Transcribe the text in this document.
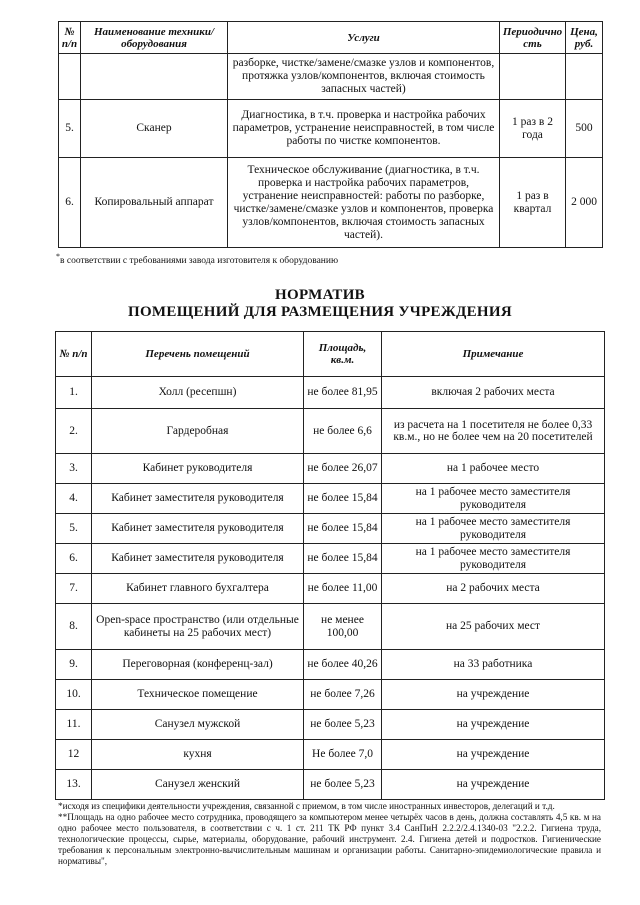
№ п/п	Наименование техники/оборудования	Услуги	Периодичность	Цена, руб.
		разборке, чистке/замене/смазке узлов и компонентов, протяжка узлов/компонентов, включая стоимость запасных частей)		
5.	Сканер	Диагностика, в т.ч. проверка и настройка рабочих параметров, устранение неисправностей, в том числе работы по чистке компонентов.	1 раз в 2 года	500
6.	Копировальный аппарат	Техническое обслуживание (диагностика, в т.ч. проверка и настройка рабочих параметров, устранение неисправностей: работы по разборке, чистке/замене/смазке узлов и компонентов, проверка узлов/компонентов, включая стоимость запасных частей).	1 раз в квартал	2 000
*в соответствии с требованиями завода изготовителя к оборудованию
НОРМАТИВ
ПОМЕЩЕНИЙ ДЛЯ РАЗМЕЩЕНИЯ УЧРЕЖДЕНИЯ
№ п/п	Перечень помещений	Площадь, кв.м.	Примечание
1.	Холл (ресепшн)	не более 81,95	включая 2 рабочих места
2.	Гардеробная	не более 6,6	из расчета на 1 посетителя не более 0,33 кв.м., но не более чем на 20 посетителей
3.	Кабинет руководителя	не более 26,07	на 1 рабочее место
4.	Кабинет заместителя руководителя	не более 15,84	на 1 рабочее место заместителя руководителя
5.	Кабинет заместителя руководителя	не более 15,84	на 1 рабочее место заместителя руководителя
6.	Кабинет заместителя руководителя	не более 15,84	на 1 рабочее место заместителя руководителя
7.	Кабинет главного бухгалтера	не более 11,00	на 2 рабочих места
8.	Open-space пространство (или отдельные кабинеты на 25 рабочих мест)	не менее 100,00	на 25 рабочих мест
9.	Переговорная (конференц-зал)	не более 40,26	на 33 работника
10.	Техническое помещение	не более 7,26	на учреждение
11.	Санузел мужской	не более 5,23	на учреждение
12	кухня	Не более 7,0	на учреждение
13.	Санузел женский	не более 5,23	на учреждение

*исходя из специфики деятельности учреждения, связанной с приемом, в том числе иностранных инвесторов, делегаций и т.д.

**Площадь на одно рабочее место сотрудника, проводящего за компьютером менее четырёх часов в день, должна составлять 4,5 кв. м на одно рабочее место пользователя, в соответствии с ч. 1 ст. 211 ТК РФ пункт 3.4 СанПиН 2.2.2/2.4.1340-03 "2.2.2. Гигиена труда, технологические процессы, сырье, материалы, оборудование, рабочий инструмент. 2.4. Гигиена детей и подростков. Гигиенические требования к персональным электронно-вычислительным машинам и организации работы. Санитарно-эпидемиологические правила и нормативы",
